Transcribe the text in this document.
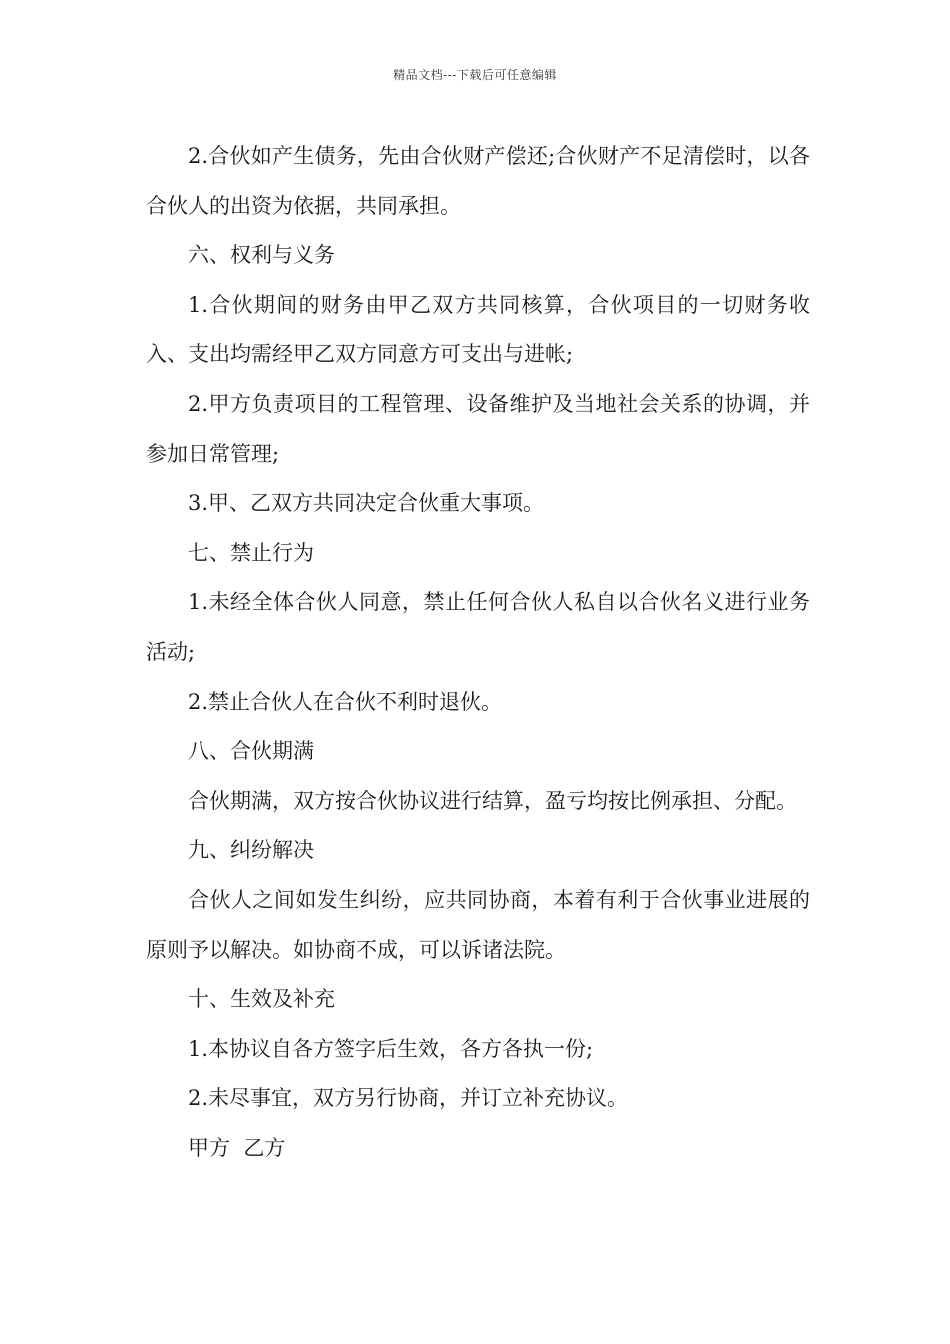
精品文档---下载后可任意编辑

2.合伙如产生债务，先由合伙财产偿还;合伙财产不足清偿时，以各合伙人的出资为依据，共同承担。

六、权利与义务

1.合伙期间的财务由甲乙双方共同核算，合伙项目的一切财务收入、支出均需经甲乙双方同意方可支出与进帐;

2.甲方负责项目的工程管理、设备维护及当地社会关系的协调，并参加日常管理;

3.甲、乙双方共同决定合伙重大事项。

七、禁止行为

1.未经全体合伙人同意，禁止任何合伙人私自以合伙名义进行业务活动;

2.禁止合伙人在合伙不利时退伙。

八、合伙期满

合伙期满，双方按合伙协议进行结算，盈亏均按比例承担、分配。

九、纠纷解决

合伙人之间如发生纠纷，应共同协商，本着有利于合伙事业进展的原则予以解决。如协商不成，可以诉诸法院。

十、生效及补充

1.本协议自各方签字后生效，各方各执一份;

2.未尽事宜，双方另行协商，并订立补充协议。

甲方  乙方
